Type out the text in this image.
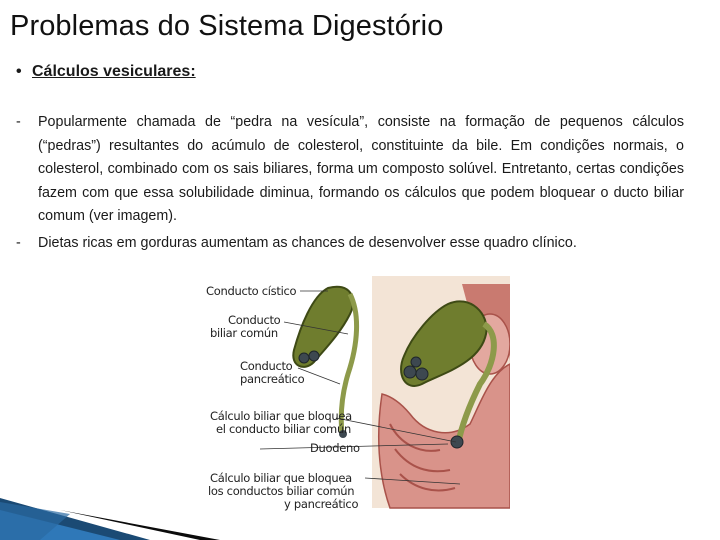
Problemas do Sistema Digestório
• Cálculos vesiculares:
- Popularmente chamada de “pedra na vesícula”, consiste na formação de pequenos cálculos (“pedras”) resultantes do acúmulo de colesterol, constituinte da bile. Em condições normais, o colesterol, combinado com os sais biliares, forma um composto solúvel. Entretanto, certas condições fazem com que essa solubilidade diminua, formando os cálculos que podem bloquear o ducto biliar comum (ver imagem).
- Dietas ricas em gorduras aumentam as chances de desenvolver esse quadro clínico.
Conducto cístico
Conducto
biliar común
Conducto
pancreático
Cálculo biliar que bloquea
el conducto biliar común
Duodeno
Cálculo biliar que bloquea
los conductos biliar común
y pancreático
